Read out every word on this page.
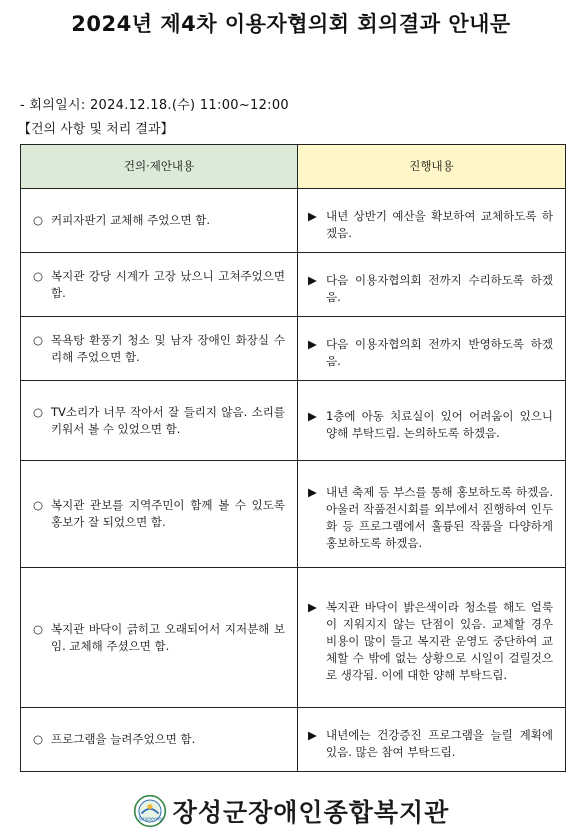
2024년 제4차 이용자협의회 회의결과 안내문
- 회의일시: 2024.12.18.(수) 11:00~12:00
【건의 사항 및 처리 결과】
건의·제안내용	진행내용

○ 커피자판기 교체해 주었으면 함.	▶ 내년 상반기 예산을 확보하여 교체하도록 하겠음.

○ 복지관 강당 시계가 고장 났으니 고쳐주었으면 함.	▶ 다음 이용자협의회 전까지 수리하도록 하겠음.

○ 목욕탕 환풍기 청소 및 남자 장애인 화장실 수리해 주었으면 함.	▶ 다음 이용자협의회 전까지 반영하도록 하겠음.

○ TV소리가 너무 작아서 잘 들리지 않음. 소리를 키워서 볼 수 있었으면 함.	▶ 1층에 아동 치료실이 있어 어려움이 있으니 양해 부탁드림. 논의하도록 하겠음.

○ 복지관 관보를 지역주민이 함께 볼 수 있도록 홍보가 잘 되었으면 함.	▶ 내년 축제 등 부스를 통해 홍보하도록 하겠음. 아울러 작품전시회를 외부에서 진행하여 인두화 등 프로그램에서 훌륭된 작품을 다양하게 홍보하도록 하겠음.

○ 복지관 바닥이 긁히고 오래되어서 지저분해 보임. 교체해 주셨으면 함.	▶ 복지관 바닥이 밝은색이라 청소를 해도 얼룩이 지워지지 않는 단점이 있음. 교체할 경우 비용이 많이 들고 복지관 운영도 중단하여 교체할 수 밖에 없는 상황으로 시일이 걸릴것으로 생각됨. 이에 대한 양해 부탁드림.

○ 프로그램을 늘려주었으면 함.	▶ 내년에는 건강증진 프로그램을 늘릴 계획에 있음. 많은 참여 부탁드림.
Jangseong 장성군장애인종합복지관
